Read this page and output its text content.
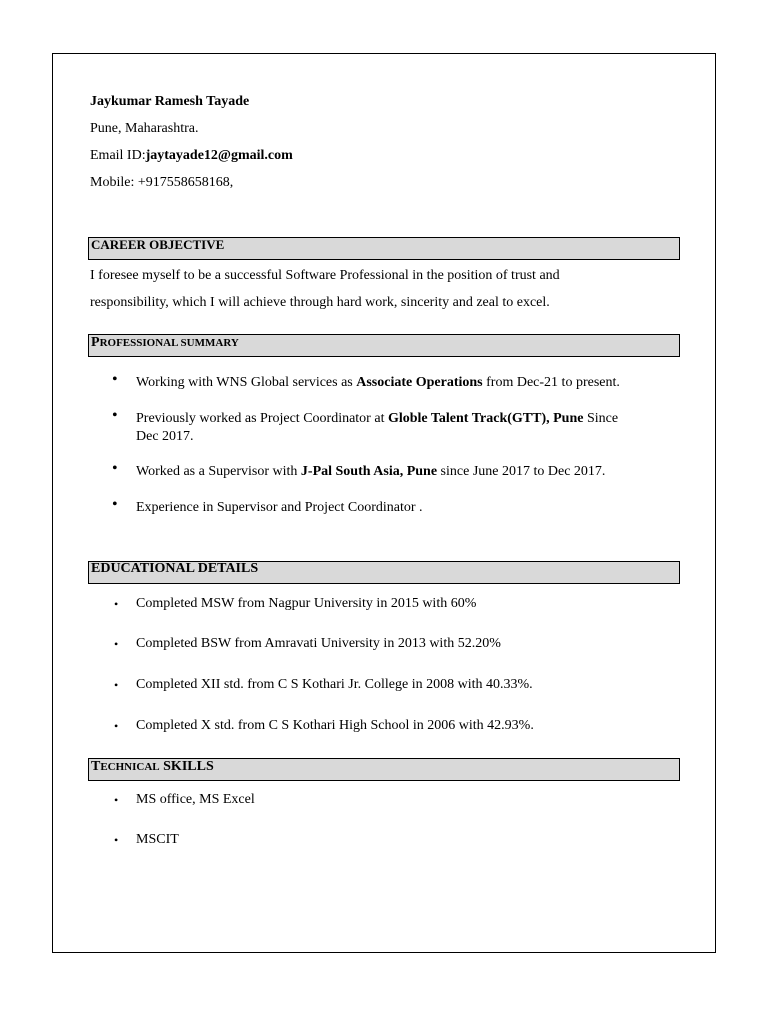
Jaykumar Ramesh Tayade
Pune, Maharashtra.
Email ID:jaytayade12@gmail.com
Mobile: +917558658168,
CAREER OBJECTIVE
I foresee myself to be a successful Software Professional in the position of trust and
responsibility, which I will achieve through hard work, sincerity and zeal to excel.
PROFESSIONAL SUMMARY
• Working with WNS Global services as Associate Operations from Dec-21 to present.
• Previously worked as Project Coordinator at Globle Talent Track(GTT), Pune Since
Dec 2017.
• Worked as a Supervisor with J-Pal South Asia, Pune since June 2017 to Dec 2017.
• Experience in Supervisor and Project Coordinator .
EDUCATIONAL DETAILS
• Completed MSW from Nagpur University in 2015 with 60%
• Completed BSW from Amravati University in 2013 with 52.20%
• Completed XII std. from C S Kothari Jr. College in 2008 with 40.33%.
• Completed X std. from C S Kothari High School in 2006 with 42.93%.
TECHNICAL SKILLS
• MS office, MS Excel
• MSCIT
